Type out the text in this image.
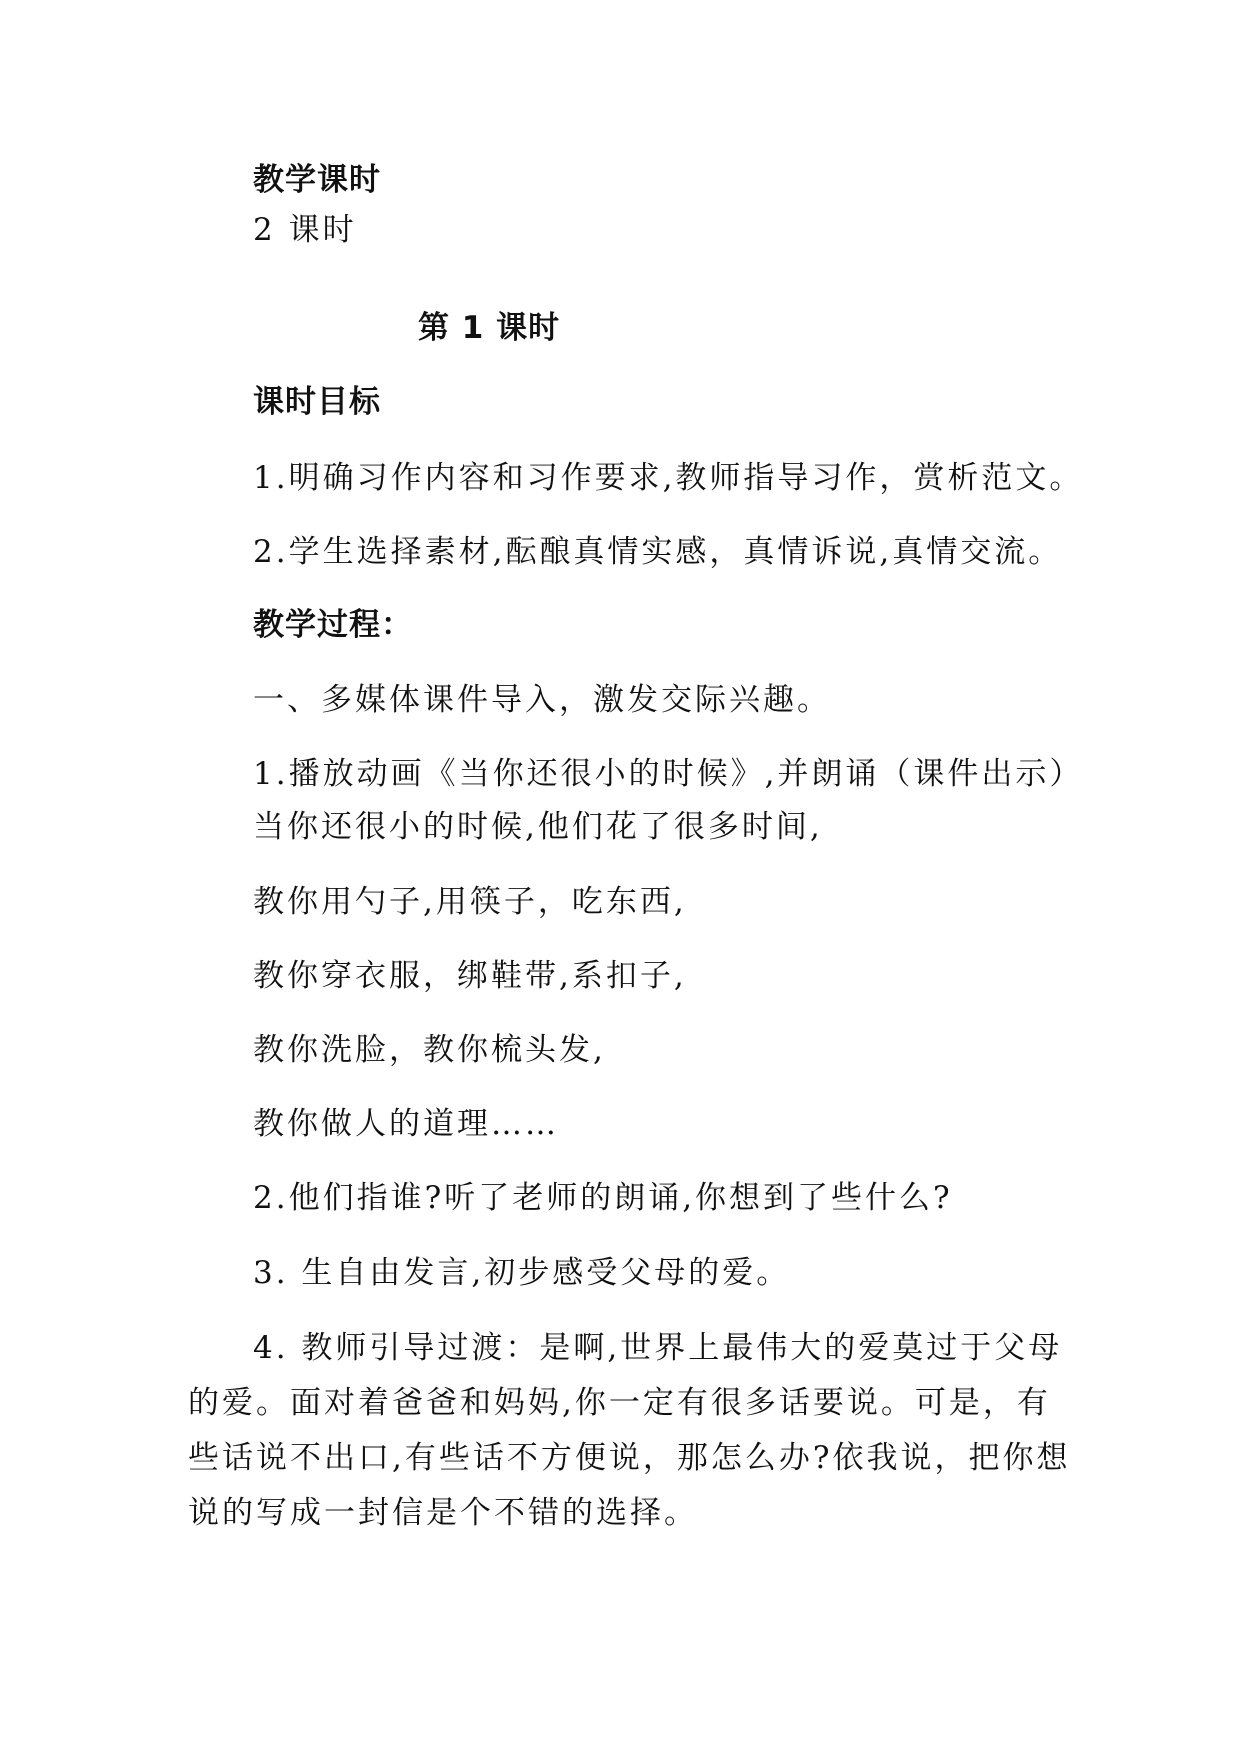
教学课时
2 课时
第 1 课时
课时目标
1.明确习作内容和习作要求,教师指导习作，赏析范文。
2.学生选择素材,酝酿真情实感，真情诉说,真情交流。
教学过程：
一、多媒体课件导入，激发交际兴趣。
1.播放动画《当你还很小的时候》,并朗诵（课件出示）
当你还很小的时候,他们花了很多时间,
教你用勺子,用筷子，吃东西,
教你穿衣服，绑鞋带,系扣子,
教你洗脸，教你梳头发,
教你做人的道理……
2.他们指谁?听了老师的朗诵,你想到了些什么?
3. 生自由发言,初步感受父母的爱。
4. 教师引导过渡：是啊,世界上最伟大的爱莫过于父母
的爱。面对着爸爸和妈妈,你一定有很多话要说。可是，有
些话说不出口,有些话不方便说，那怎么办?依我说，把你想
说的写成一封信是个不错的选择。
